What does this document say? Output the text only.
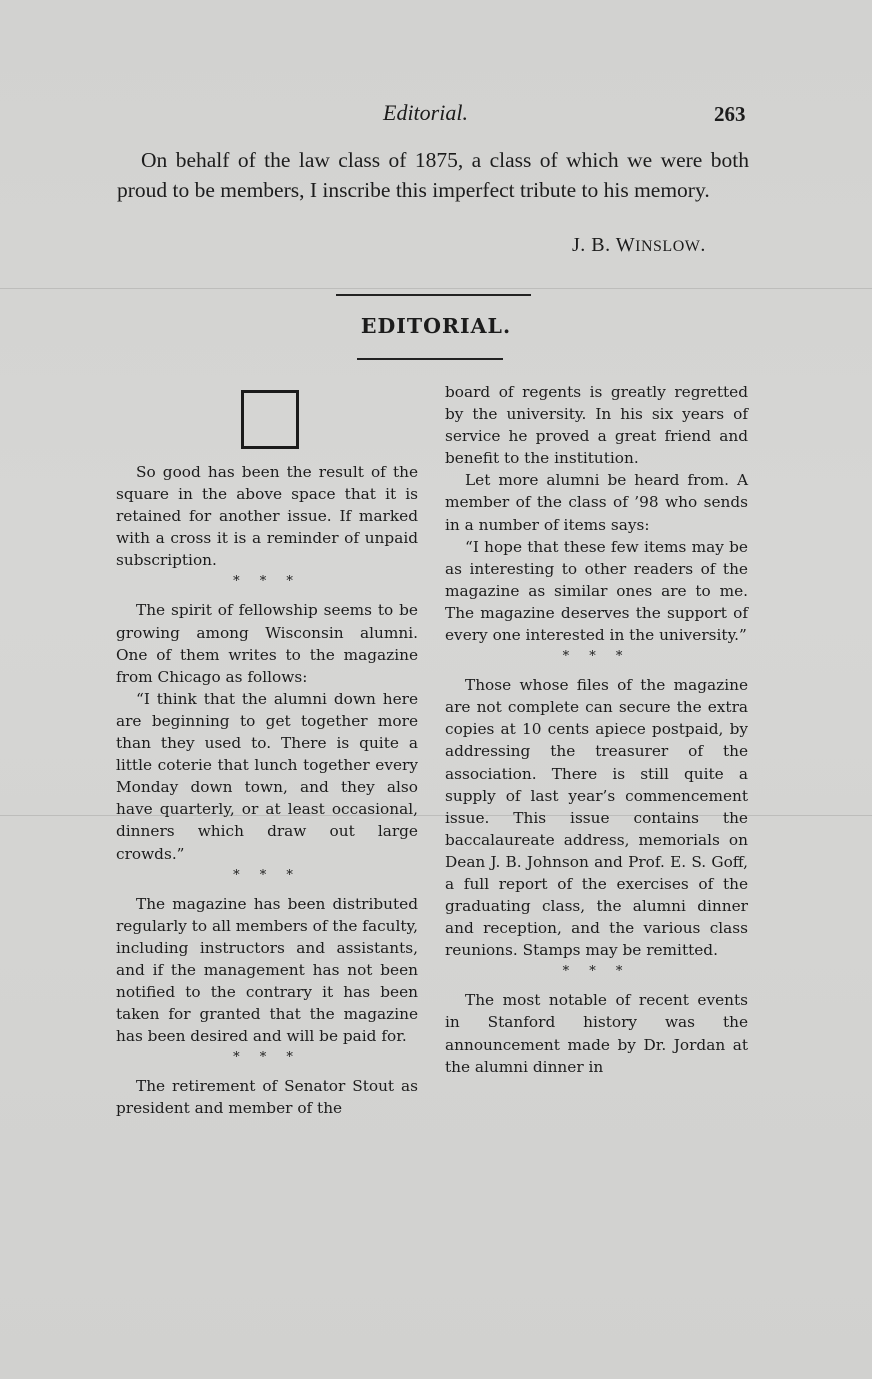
Editorial.	263

On behalf of the law class of 1875, a class of which we were both proud to be members, I inscribe this imperfect tribute to his memory.

J. B. WINSLOW.
EDITORIAL.

So good has been the result of the square in the above space that it is retained for another issue. If marked with a cross it is a reminder of unpaid subscription.

* * *

The spirit of fellowship seems to be growing among Wisconsin alumni. One of them writes to the magazine from Chicago as follows:

“I think that the alumni down here are beginning to get together more than they used to. There is quite a little coterie that lunch together every Monday down town, and they also have quarterly, or at least occasional, dinners which draw out large crowds.”

* * *

The magazine has been distributed regularly to all members of the faculty, including instructors and assistants, and if the management has not been notified to the contrary it has been taken for granted that the magazine has been desired and will be paid for.

* * *

The retirement of Senator Stout as president and member of the

board of regents is greatly regretted by the university. In his six years of service he proved a great friend and benefit to the institution.

Let more alumni be heard from. A member of the class of ’98 who sends in a number of items says:

“I hope that these few items may be as interesting to other readers of the magazine as similar ones are to me. The magazine deserves the support of every one interested in the university.”

* * *

Those whose files of the magazine are not complete can secure the extra copies at 10 cents apiece postpaid, by addressing the treasurer of the association. There is still quite a supply of last year’s commencement issue. This issue contains the baccalaureate address, memorials on Dean J. B. Johnson and Prof. E. S. Goff, a full report of the exercises of the graduating class, the alumni dinner and reception, and the various class reunions. Stamps may be remitted.

* * *

The most notable of recent events in Stanford history was the announcement made by Dr. Jordan at the alumni dinner in
